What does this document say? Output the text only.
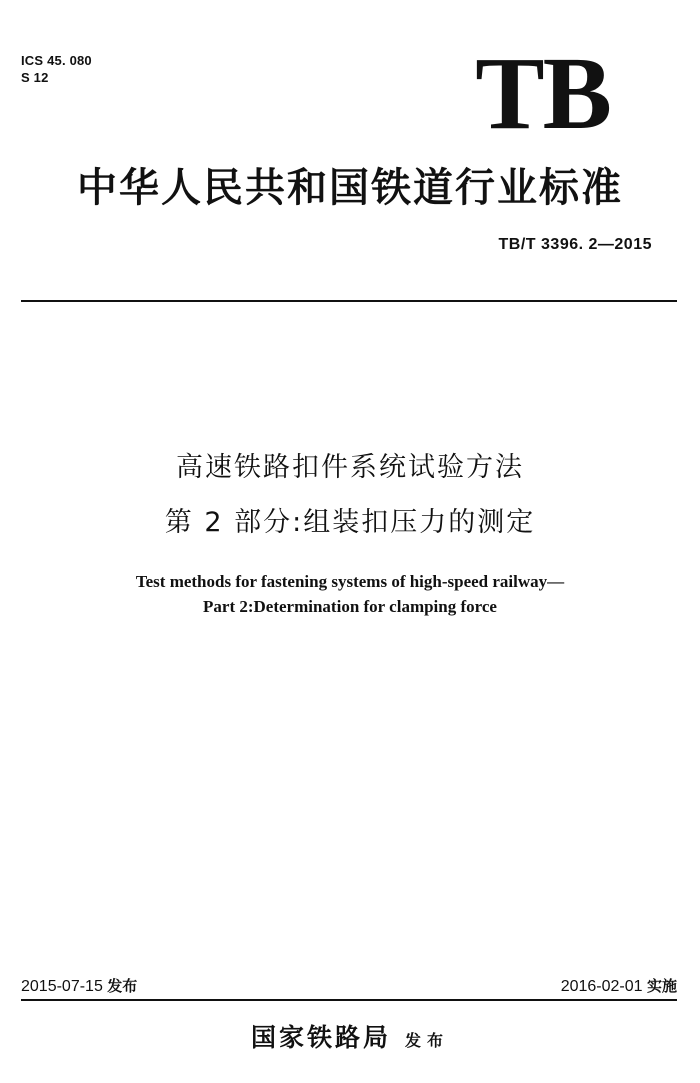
ICS 45. 080
S 12	TB
中华人民共和国铁道行业标准
TB/T 3396. 2—2015
高速铁路扣件系统试验方法
第 2 部分:组装扣压力的测定
Test methods for fastening systems of high-speed railway—
Part 2:Determination for clamping force
2015-07-15 发布	2016-02-01 实施
国家铁路局 发布
